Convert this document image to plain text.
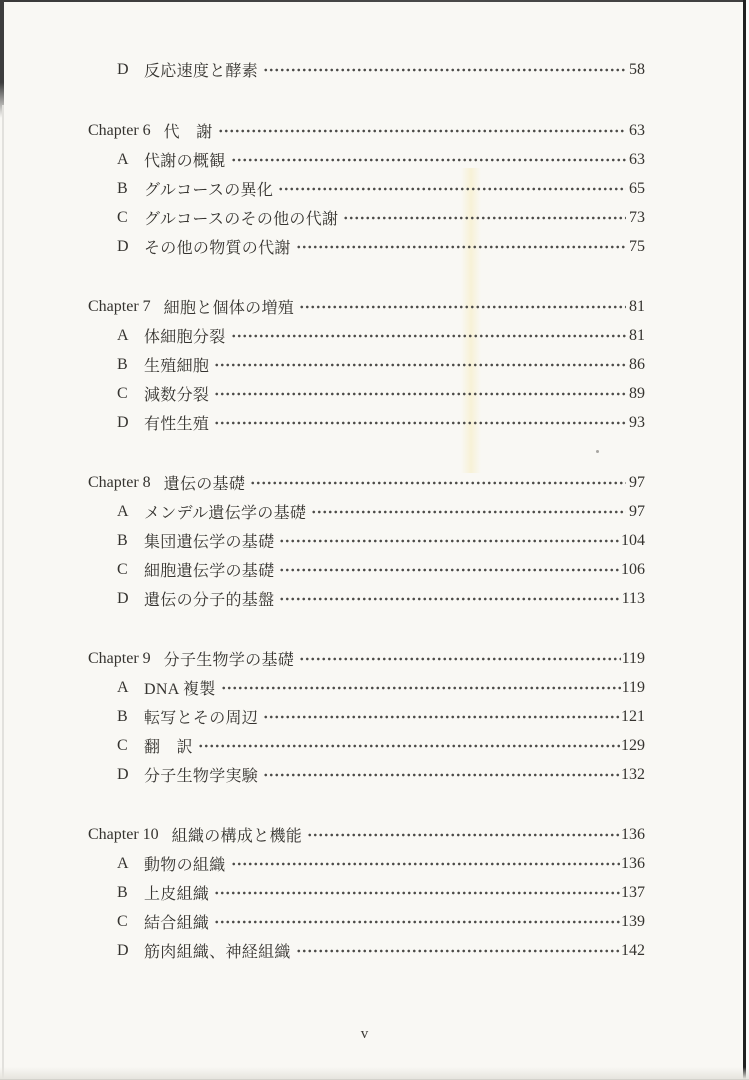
D 反応速度と酵素	58
Chapter 6 代　謝	63
A 代謝の概観	63
B	グルコースの異化	65
C	グルコースのその他の代謝	73
D その他の物質の代謝	75
Chapter 7 細胞と個体の増殖	81
A 体細胞分裂	81
B	生殖細胞	86
C	減数分裂	89
D 有性生殖	93
Chapter 8 遺伝の基礎	97
A メンデル遺伝学の基礎	97
B	集団遺伝学の基礎	104
C	細胞遺伝学の基礎	106
D 遺伝の分子的基盤	113
Chapter 9 分子生物学の基礎	119
A DNA 複製	119
B	転写とその周辺	121
C	翻　訳	129
D 分子生物学実験	132
Chapter 10 組織の構成と機能	136
A 動物の組織	136
B	上皮組織	137
C	結合組織	139
D 筋肉組織、神経組織	142
v
